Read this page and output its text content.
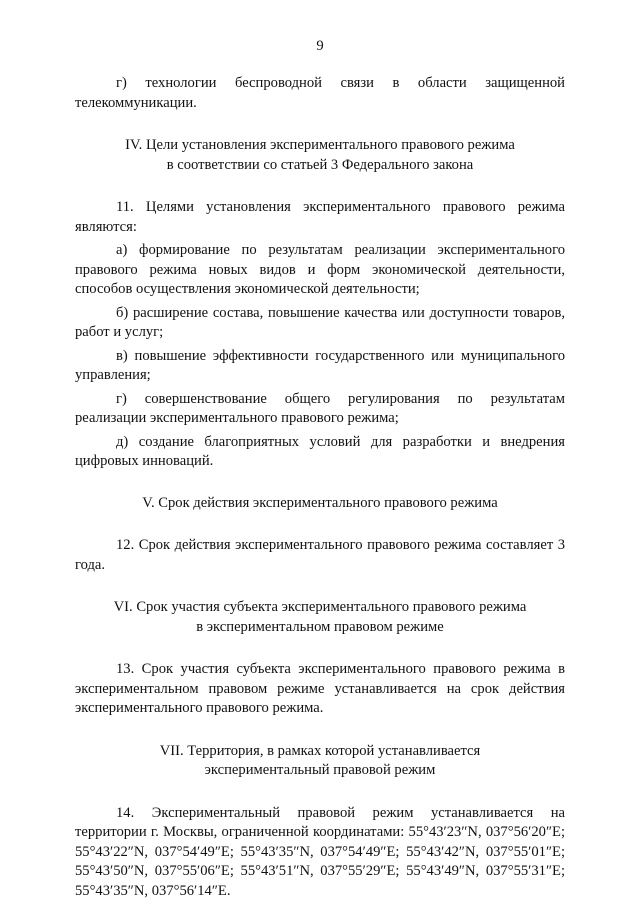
9

г) технологии беспроводной связи в области защищенной телекоммуникации.

IV. Цели установления экспериментального правового режима
в соответствии со статьей 3 Федерального закона

11. Целями установления экспериментального правового режима являются:

а) формирование по результатам реализации экспериментального правового режима новых видов и форм экономической деятельности, способов осуществления экономической деятельности;

б) расширение состава, повышение качества или доступности товаров, работ и услуг;

в) повышение эффективности государственного или муниципального управления;

г) совершенствование общего регулирования по результатам реализации экспериментального правового режима;

д) создание благоприятных условий для разработки и внедрения цифровых инноваций.

V. Срок действия экспериментального правового режима

12. Срок действия экспериментального правового режима составляет 3 года.

VI. Срок участия субъекта экспериментального правового режима
в экспериментальном правовом режиме

13. Срок участия субъекта экспериментального правового режима в экспериментальном правовом режиме устанавливается на срок действия экспериментального правового режима.

VII. Территория, в рамках которой устанавливается
экспериментальный правовой режим

14. Экспериментальный правовой режим устанавливается на территории г. Москвы, ограниченной координатами: 55°43′23″N, 037°56′20″E; 55°43′22″N, 037°54′49″E; 55°43′35″N, 037°54′49″E; 55°43′42″N, 037°55′01″E; 55°43′50″N, 037°55′06″E; 55°43′51″N, 037°55′29″E; 55°43′49″N, 037°55′31″E; 55°43′35″N, 037°56′14″E.
